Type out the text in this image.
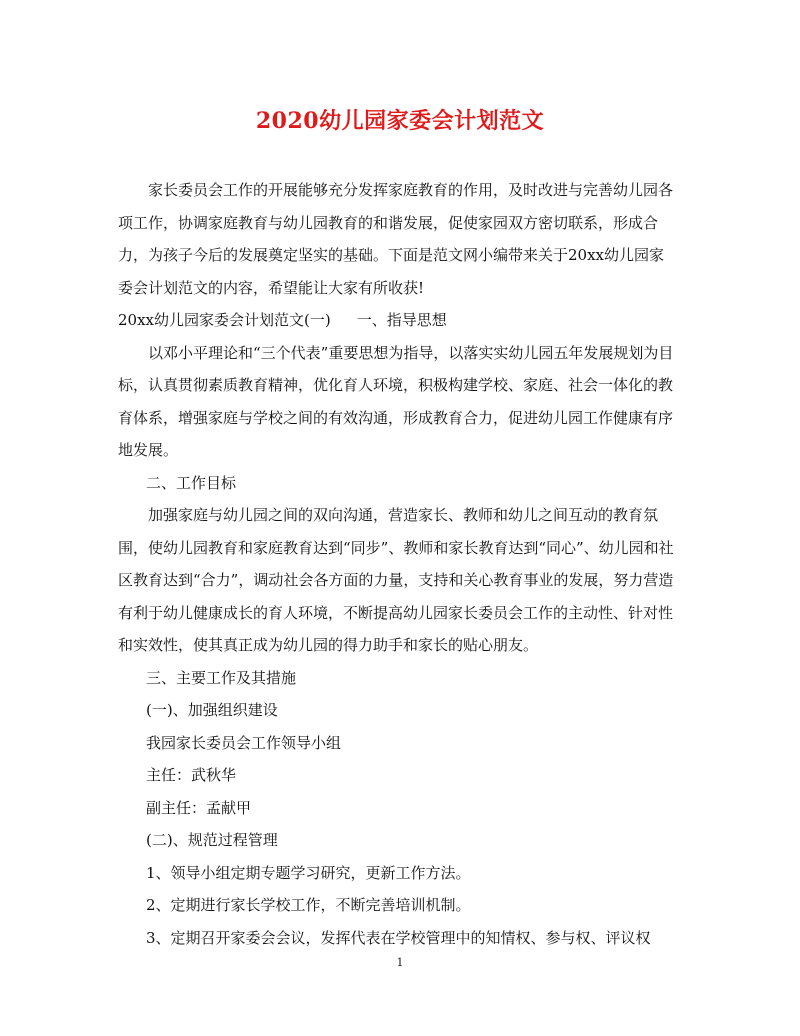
2020幼儿园家委会计划范文

家长委员会工作的开展能够充分发挥家庭教育的作用，及时改进与完善幼儿园各项工作，协调家庭教育与幼儿园教育的和谐发展，促使家园双方密切联系，形成合力，为孩子今后的发展奠定坚实的基础。下面是范文网小编带来关于20xx幼儿园家委会计划范文的内容，希望能让大家有所收获!

20xx幼儿园家委会计划范文(一) 一、指导思想

以邓小平理论和“三个代表”重要思想为指导，以落实实幼儿园五年发展规划为目标，认真贯彻素质教育精神，优化育人环境，积极构建学校、家庭、社会一体化的教育体系，增强家庭与学校之间的有效沟通，形成教育合力，促进幼儿园工作健康有序地发展。

二、工作目标

加强家庭与幼儿园之间的双向沟通，营造家长、教师和幼儿之间互动的教育氛围，使幼儿园教育和家庭教育达到“同步”、教师和家长教育达到“同心”、幼儿园和社区教育达到“合力”，调动社会各方面的力量，支持和关心教育事业的发展，努力营造有利于幼儿健康成长的育人环境，不断提高幼儿园家长委员会工作的主动性、针对性和实效性，使其真正成为幼儿园的得力助手和家长的贴心朋友。

三、主要工作及其措施

(一)、加强组织建设

我园家长委员会工作领导小组

主任：武秋华

副主任：孟献甲

(二)、规范过程管理

1、领导小组定期专题学习研究，更新工作方法。

2、定期进行家长学校工作，不断完善培训机制。

3、定期召开家委会会议，发挥代表在学校管理中的知情权、参与权、评议权

1
